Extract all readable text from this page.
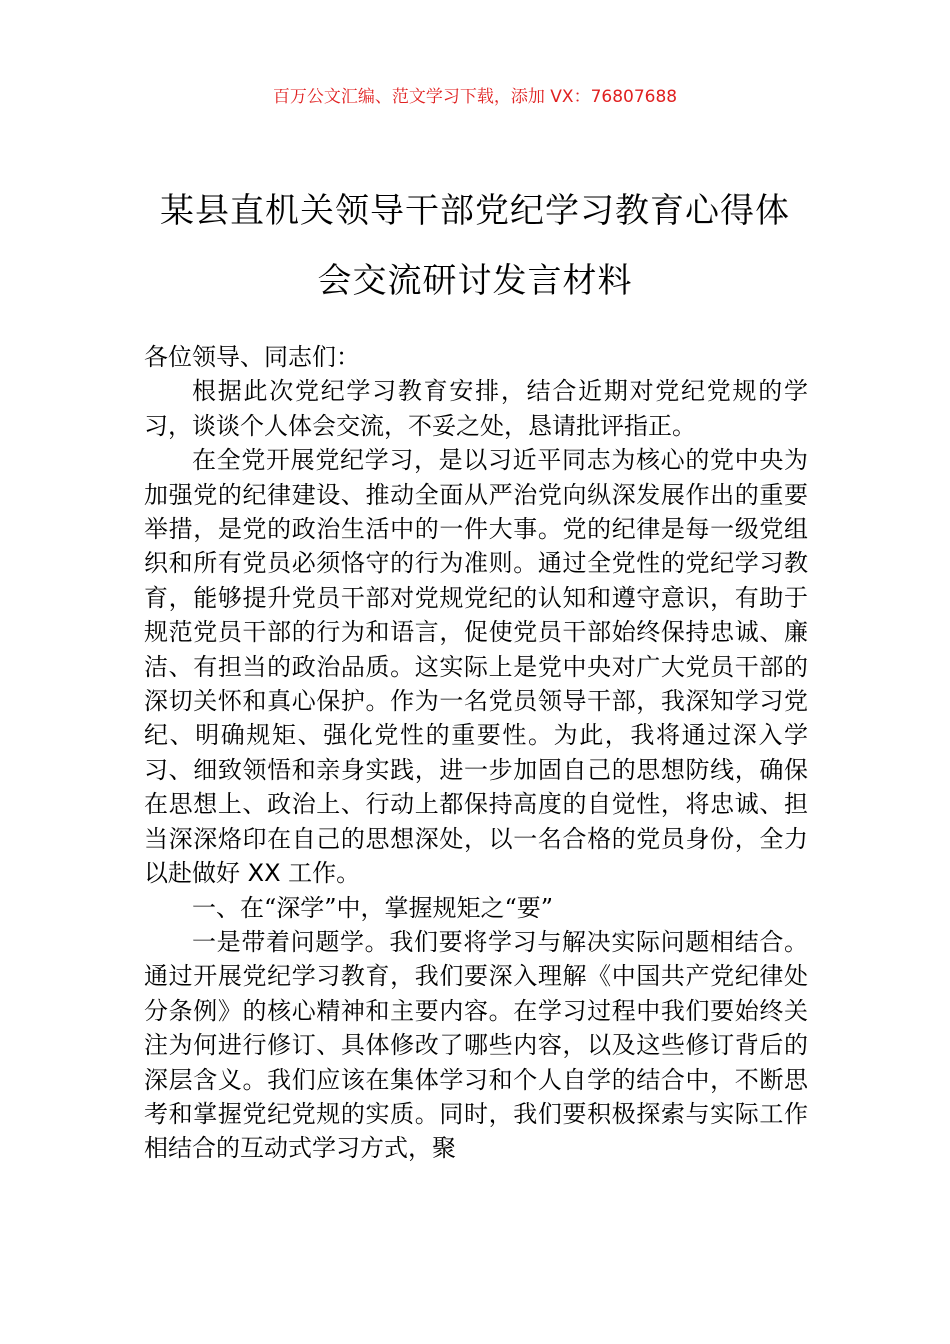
百万公文汇编、范文学习下载，添加 VX：76807688
某县直机关领导干部党纪学习教育心得体
会交流研讨发言材料

各位领导、同志们：

根据此次党纪学习教育安排，结合近期对党纪党规的学习，谈谈个人体会交流，不妥之处，恳请批评指正。

在全党开展党纪学习，是以习近平同志为核心的党中央为加强党的纪律建设、推动全面从严治党向纵深发展作出的重要举措，是党的政治生活中的一件大事。党的纪律是每一级党组织和所有党员必须恪守的行为准则。通过全党性的党纪学习教育，能够提升党员干部对党规党纪的认知和遵守意识，有助于规范党员干部的行为和语言，促使党员干部始终保持忠诚、廉洁、有担当的政治品质。这实际上是党中央对广大党员干部的深切关怀和真心保护。作为一名党员领导干部，我深知学习党纪、明确规矩、强化党性的重要性。为此，我将通过深入学习、细致领悟和亲身实践，进一步加固自己的思想防线，确保在思想上、政治上、行动上都保持高度的自觉性，将忠诚、担当深深烙印在自己的思想深处，以一名合格的党员身份，全力以赴做好 XX 工作。

一、在“深学”中，掌握规矩之“要”

一是带着问题学。我们要将学习与解决实际问题相结合。通过开展党纪学习教育，我们要深入理解《中国共产党纪律处分条例》的核心精神和主要内容。在学习过程中我们要始终关注为何进行修订、具体修改了哪些内容，以及这些修订背后的深层含义。我们应该在集体学习和个人自学的结合中，不断思考和掌握党纪党规的实质。同时，我们要积极探索与实际工作相结合的互动式学习方式，聚
